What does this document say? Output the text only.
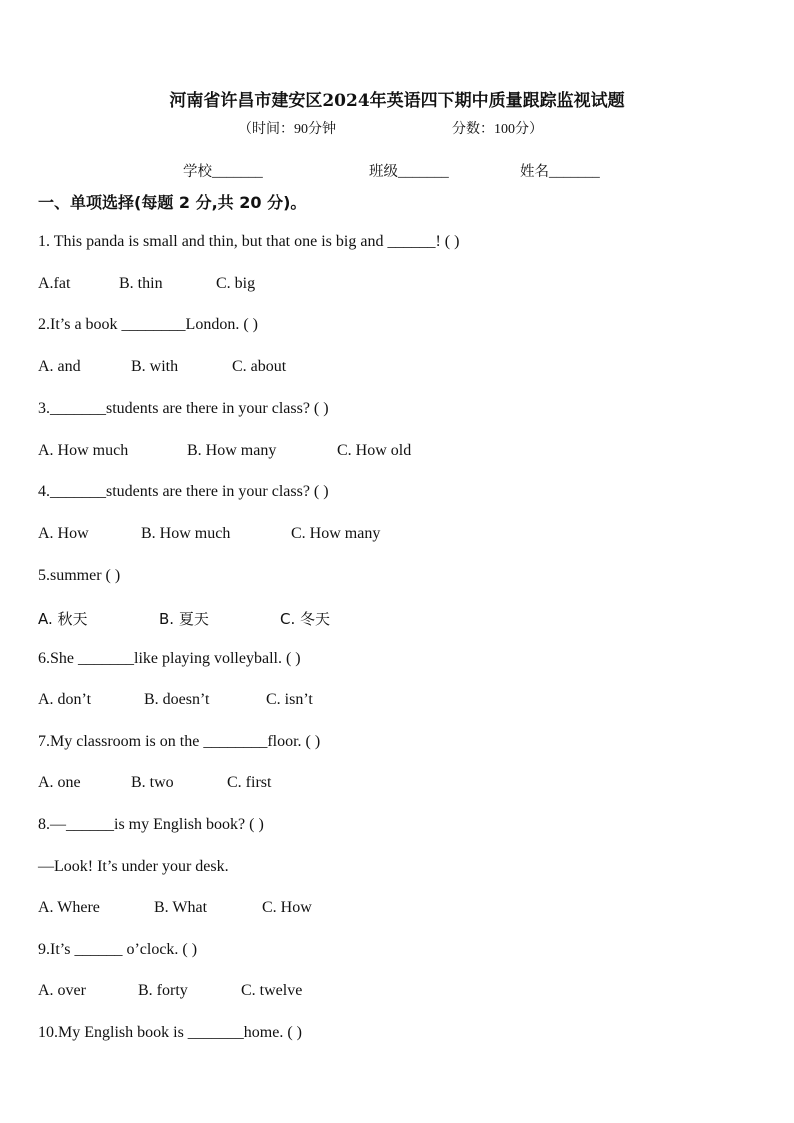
河南省许昌市建安区2024年英语四下期中质量跟踪监视试题
（时间：90分钟	分数：100分）
学校_______	班级_______	姓名_______
一、单项选择(每题 2 分,共 20 分)。
1. This panda is small and thin, but that one is big and ______! ( )
A.fat	B. thin	C. big
2.It’s a book ________London. ( )
A. and	B. with	C. about
3._______students are there in your class? ( )
A. How much	B. How many	C. How old
4._______students are there in your class? ( )
A. How	B. How much	C. How many
5.summer ( )
A. 秋天	B. 夏天	C. 冬天
6.She _______like playing volleyball. ( )
A. don’t	B. doesn’t	C. isn’t
7.My classroom is on the ________floor. ( )
A. one	B. two	C. first
8.—______is my English book? ( )
—Look! It’s under your desk.
A. Where	B. What	C. How
9.It’s ______ o’clock. ( )
A. over	B. forty	C. twelve
10.My English book is _______home. ( )
